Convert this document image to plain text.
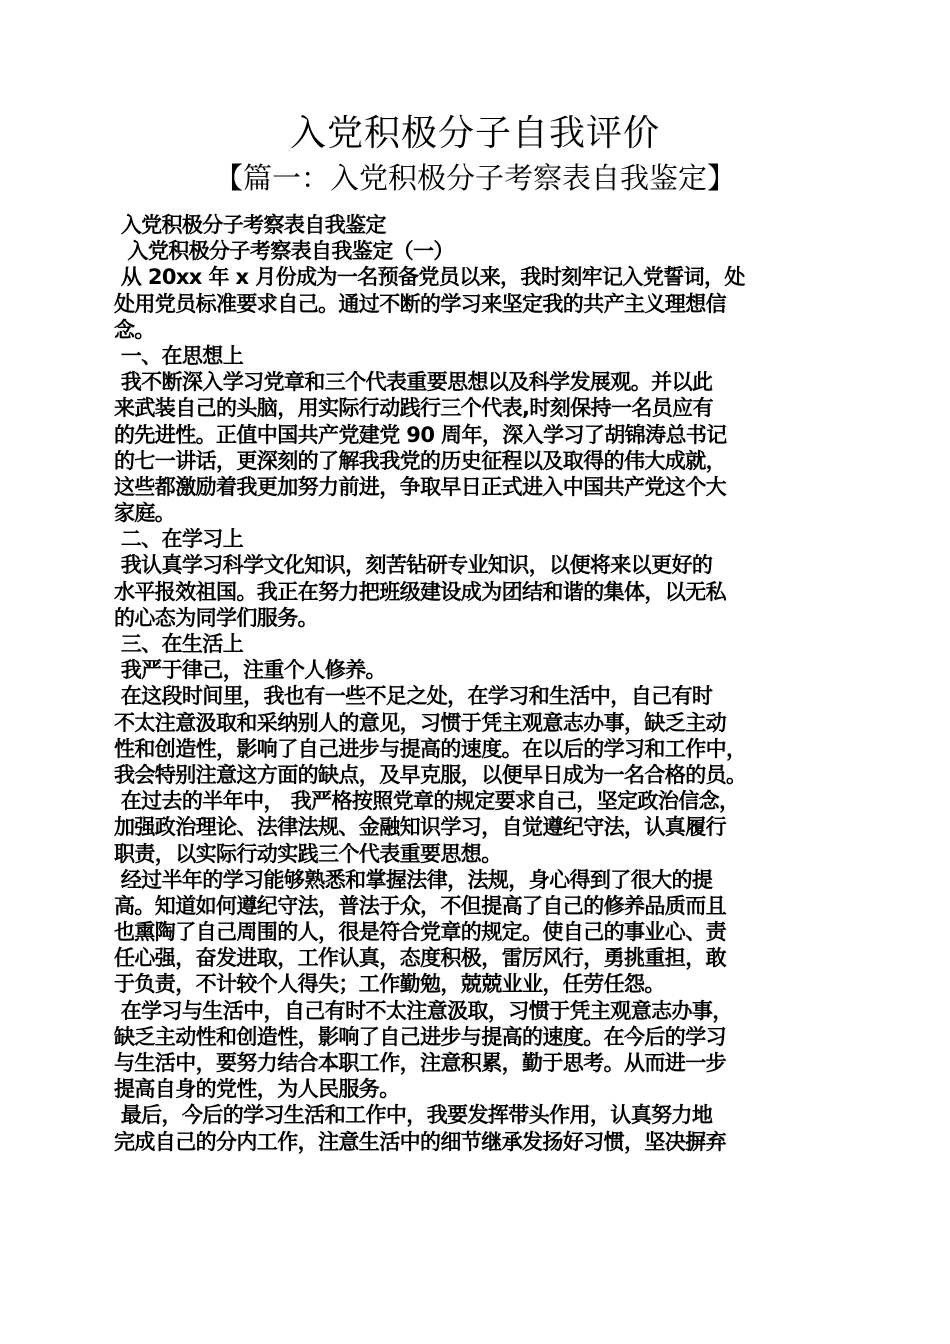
入党积极分子自我评价
【篇一：入党积极分子考察表自我鉴定】
入党积极分子考察表自我鉴定
入党积极分子考察表自我鉴定（一）
从 20xx 年 x 月份成为一名预备党员以来，我时刻牢记入党誓词，处
处用党员标准要求自己。通过不断的学习来坚定我的共产主义理想信
念。
一、在思想上
我不断深入学习党章和三个代表重要思想以及科学发展观。并以此
来武装自己的头脑，用实际行动践行三个代表,时刻保持一名员应有
的先进性。正值中国共产党建党 90 周年，深入学习了胡锦涛总书记
的七一讲话，更深刻的了解我我党的历史征程以及取得的伟大成就，
这些都激励着我更加努力前进，争取早日正式进入中国共产党这个大
家庭。
二、在学习上
我认真学习科学文化知识，刻苦钻研专业知识，以便将来以更好的
水平报效祖国。我正在努力把班级建设成为团结和谐的集体，以无私
的心态为同学们服务。
三、在生活上
我严于律己，注重个人修养。
在这段时间里，我也有一些不足之处，在学习和生活中，自己有时
不太注意汲取和采纳别人的意见，习惯于凭主观意志办事，缺乏主动
性和创造性，影响了自己进步与提高的速度。在以后的学习和工作中，
我会特别注意这方面的缺点，及早克服，以便早日成为一名合格的员。
在过去的半年中， 我严格按照党章的规定要求自己，坚定政治信念，
加强政治理论、法律法规、金融知识学习，自觉遵纪守法，认真履行
职责，以实际行动实践三个代表重要思想。
经过半年的学习能够熟悉和掌握法律，法规，身心得到了很大的提
高。知道如何遵纪守法，普法于众，不但提高了自己的修养品质而且
也熏陶了自己周围的人，很是符合党章的规定。使自己的事业心、责
任心强，奋发进取，工作认真，态度积极，雷厉风行，勇挑重担，敢
于负责，不计较个人得失；工作勤勉，兢兢业业，任劳任怨。
在学习与生活中，自己有时不太注意汲取，习惯于凭主观意志办事，
缺乏主动性和创造性，影响了自己进步与提高的速度。在今后的学习
与生活中，要努力结合本职工作，注意积累，勤于思考。从而进一步
提高自身的党性，为人民服务。
最后，今后的学习生活和工作中，我要发挥带头作用，认真努力地
完成自己的分内工作，注意生活中的细节继承发扬好习惯，坚决摒弃
